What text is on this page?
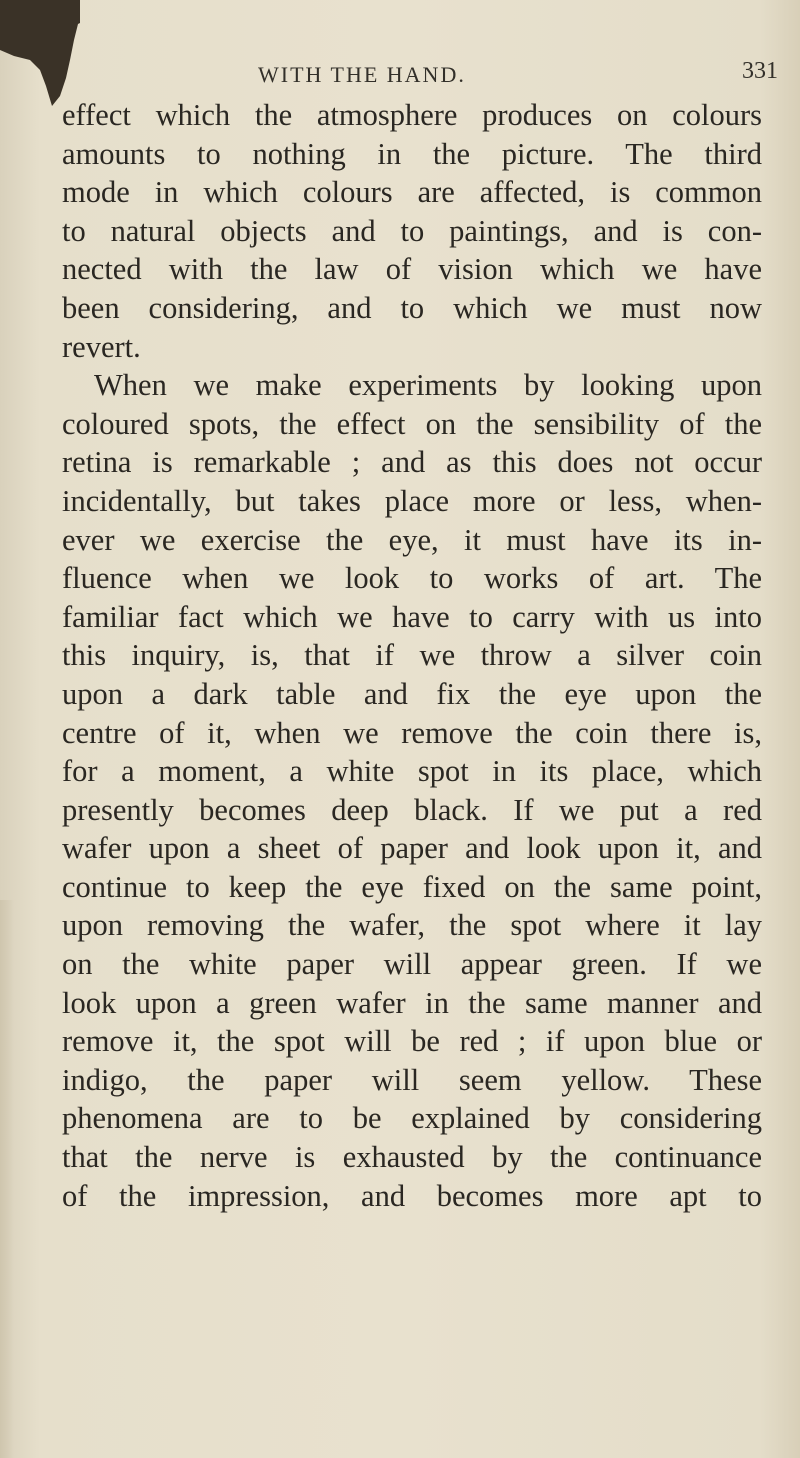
WITH THE HAND.	331
effect which the atmosphere produces on colours
amounts to nothing in the picture. The third
mode in which colours are affected, is common
to natural objects and to paintings, and is con-
nected with the law of vision which we have
been considering, and to which we must now
revert.
When we make experiments by looking upon
coloured spots, the effect on the sensibility of the
retina is remarkable ; and as this does not occur
incidentally, but takes place more or less, when-
ever we exercise the eye, it must have its in-
fluence when we look to works of art. The
familiar fact which we have to carry with us into
this inquiry, is, that if we throw a silver coin
upon a dark table and fix the eye upon the
centre of it, when we remove the coin there is,
for a moment, a white spot in its place, which
presently becomes deep black. If we put a red
wafer upon a sheet of paper and look upon it, and
continue to keep the eye fixed on the same point,
upon removing the wafer, the spot where it lay
on the white paper will appear green. If we
look upon a green wafer in the same manner and
remove it, the spot will be red ; if upon blue or
indigo, the paper will seem yellow. These
phenomena are to be explained by considering
that the nerve is exhausted by the continuance
of the impression, and becomes more apt to
